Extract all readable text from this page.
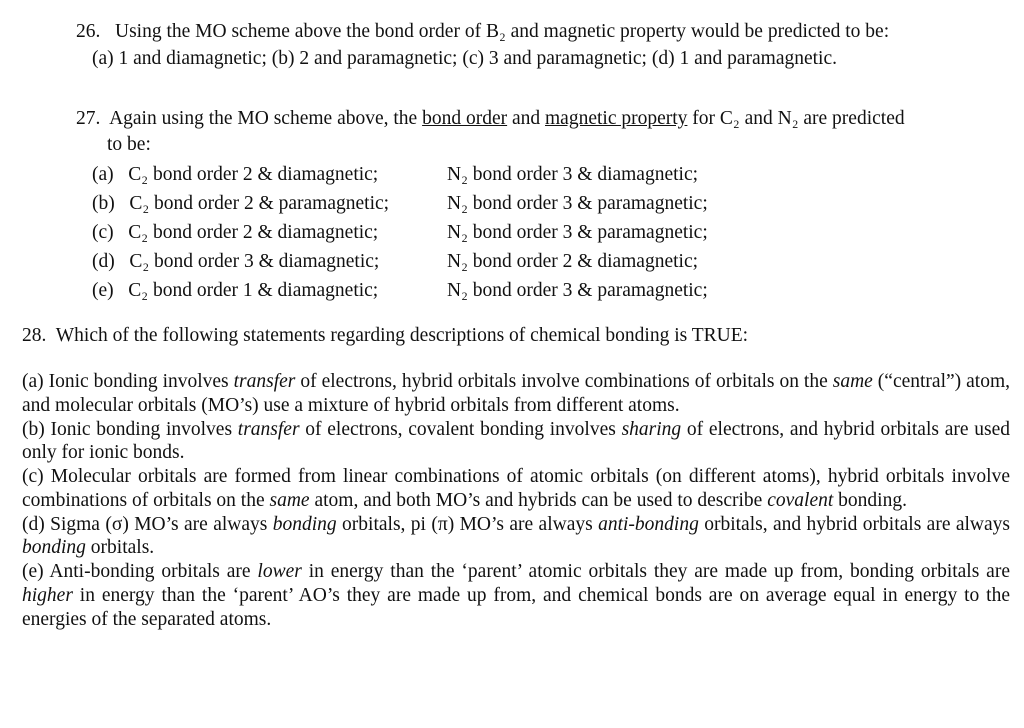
26. Using the MO scheme above the bond order of B₂ and magnetic property would be predicted to be:
(a) 1 and diamagnetic; (b) 2 and paramagnetic; (c) 3 and paramagnetic; (d) 1 and paramagnetic.
27. Again using the MO scheme above, the bond order and magnetic property for C₂ and N₂ are predicted
to be:
(a) C₂ bond order 2 & diamagnetic;	N₂ bond order 3 & diamagnetic;
(b) C₂ bond order 2 & paramagnetic;	N₂ bond order 3 & paramagnetic;
(c) C₂ bond order 2 & diamagnetic;	N₂ bond order 3 & paramagnetic;
(d) C₂ bond order 3 & diamagnetic;	N₂ bond order 2 & diamagnetic;
(e) C₂ bond order 1 & diamagnetic;	N₂ bond order 3 & paramagnetic;
28. Which of the following statements regarding descriptions of chemical bonding is TRUE:

(a) Ionic bonding involves transfer of electrons, hybrid orbitals involve combinations of orbitals on the same (“central”) atom, and molecular orbitals (MO’s) use a mixture of hybrid orbitals from different atoms.

(b) Ionic bonding involves transfer of electrons, covalent bonding involves sharing of electrons, and hybrid orbitals are used only for ionic bonds.

(c) Molecular orbitals are formed from linear combinations of atomic orbitals (on different atoms), hybrid orbitals involve combinations of orbitals on the same atom, and both MO’s and hybrids can be used to describe covalent bonding.

(d) Sigma (σ) MO’s are always bonding orbitals, pi (π) MO’s are always anti-bonding orbitals, and hybrid orbitals are always bonding orbitals.

(e) Anti-bonding orbitals are lower in energy than the ‘parent’ atomic orbitals they are made up from, bonding orbitals are higher in energy than the ‘parent’ AO’s they are made up from, and chemical bonds are on average equal in energy to the energies of the separated atoms.
